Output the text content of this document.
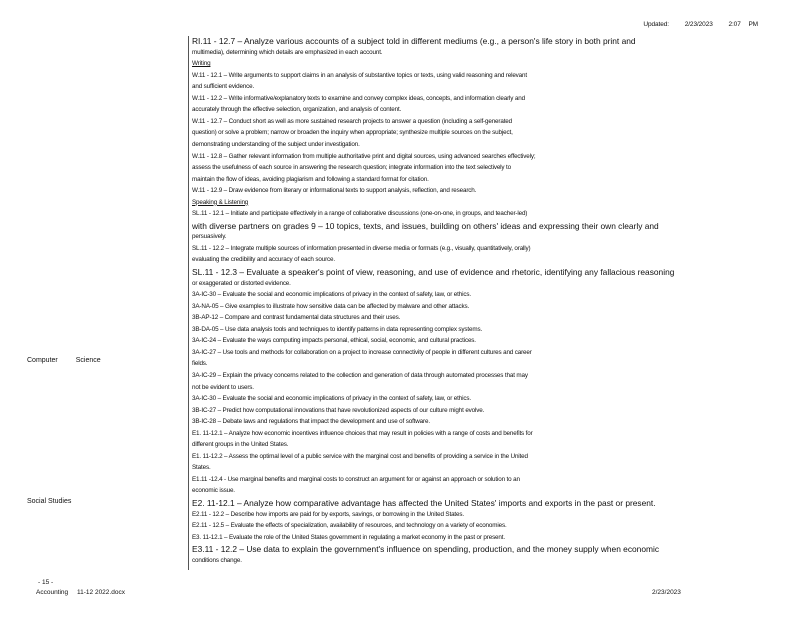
Updated: 2/23/2023 2:07 PM
Computer	Science
Social Studies
RI.11 - 12.7 – Analyze various accounts of a subject told in different mediums (e.g., a person's life story in both print and
multimedia), determining which details are emphasized in each account.
Writing
W.11 - 12.1 – Write arguments to support claims in an analysis of substantive topics or texts, using valid reasoning and relevant
and sufficient evidence.
W.11 - 12.2 – Write informative/explanatory texts to examine and convey complex ideas, concepts, and information clearly and
accurately through the effective selection, organization, and analysis of content.
W.11 - 12.7 – Conduct short as well as more sustained research projects to answer a question (including a self-generated
question) or solve a problem; narrow or broaden the inquiry when appropriate; synthesize multiple sources on the subject,
demonstrating understanding of the subject under investigation.
W.11 - 12.8 – Gather relevant information from multiple authoritative print and digital sources, using advanced searches effectively;
assess the usefulness of each source in answering the research question; integrate information into the text selectively to
maintain the flow of ideas, avoiding plagiarism and following a standard format for citation.
W.11 - 12.9 – Draw evidence from literary or informational texts to support analysis, reflection, and research.
Speaking & Listening
SL.11 - 12.1 – Initiate and participate effectively in a range of collaborative discussions (one-on-one, in groups, and teacher-led)
with diverse partners on grades 9 – 10 topics, texts, and issues, building on others' ideas and expressing their own clearly and
persuasively.
SL.11 - 12.2 – Integrate multiple sources of information presented in diverse media or formats (e.g., visually, quantitatively, orally)
evaluating the credibility and accuracy of each source.
SL.11 - 12.3 – Evaluate a speaker's point of view, reasoning, and use of evidence and rhetoric, identifying any fallacious reasoning
or exaggerated or distorted evidence.
3A-IC-30 – Evaluate the social and economic implications of privacy in the context of safety, law, or ethics.
3A-NA-05 – Give examples to illustrate how sensitive data can be affected by malware and other attacks.
3B-AP-12 – Compare and contrast fundamental data structures and their uses.
3B-DA-05 – Use data analysis tools and techniques to identify patterns in data representing complex systems.
3A-IC-24 – Evaluate the ways computing impacts personal, ethical, social, economic, and cultural practices.
3A-IC-27 – Use tools and methods for collaboration on a project to increase connectivity of people in different cultures and career
fields.
3A-IC-29 – Explain the privacy concerns related to the collection and generation of data through automated processes that may
not be evident to users.
3A-IC-30 – Evaluate the social and economic implications of privacy in the context of safety, law, or ethics.
3B-IC-27 – Predict how computational innovations that have revolutionized aspects of our culture might evolve.
3B-IC-28 – Debate laws and regulations that impact the development and use of software.
E1. 11-12.1 – Analyze how economic incentives influence choices that may result in policies with a range of costs and benefits for
different groups in the United States.
E1. 11-12.2 – Assess the optimal level of a public service with the marginal cost and benefits of providing a service in the United
States.
E1.11 -12.4 - Use marginal benefits and marginal costs to construct an argument for or against an approach or solution to an
economic issue.
E2. 11-12.1 – Analyze how comparative advantage has affected the United States' imports and exports in the past or present.
E2.11 - 12.2 – Describe how imports are paid for by exports, savings, or borrowing in the United States.
E2.11 - 12.5 – Evaluate the effects of specialization, availability of resources, and technology on a variety of economies.
E3. 11-12.1 – Evaluate the role of the United States government in regulating a market economy in the past or present.
E3.11 - 12.2 – Use data to explain the government's influence on spending, production, and the money supply when economic
conditions change.
- 15 -
Accounting 11-12 2022.docx	2/23/2023
